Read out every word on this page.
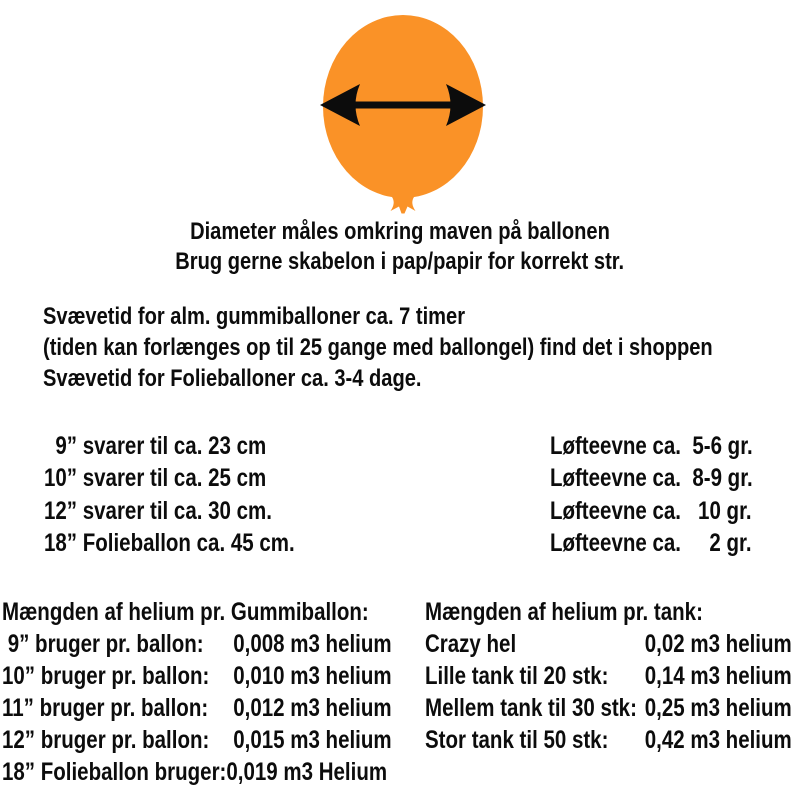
Diameter måles omkring maven på ballonen
Brug gerne skabelon i pap/papir for korrekt str.
Svævetid for alm. gummiballoner ca. 7 timer
(tiden kan forlænges op til 25 gange med ballongel) find det i shoppen
Svævetid for Folieballoner ca. 3-4 dage.
9” svarer til ca. 23 cm	Løfteevne ca.  5-6 gr.
10” svarer til ca. 25 cm	Løfteevne ca.  8-9 gr.
12” svarer til ca. 30 cm.	Løfteevne ca.   10 gr.
18” Folieballon ca. 45 cm.	Løfteevne ca.     2 gr.
Mængden af helium pr. Gummiballon:
9” bruger pr. ballon: 0,008 m3 helium
10” bruger pr. ballon: 0,010 m3 helium
11” bruger pr. ballon: 0,012 m3 helium
12” bruger pr. ballon: 0,015 m3 helium
18” Folieballon bruger:0,019 m3 Helium
Mængden af helium pr. tank:
Crazy hel	0,02 m3 helium
Lille tank til 20 stk: 0,14 m3 helium
Mellem tank til 30 stk: 0,25 m3 helium
Stor tank til 50 stk: 0,42 m3 helium
